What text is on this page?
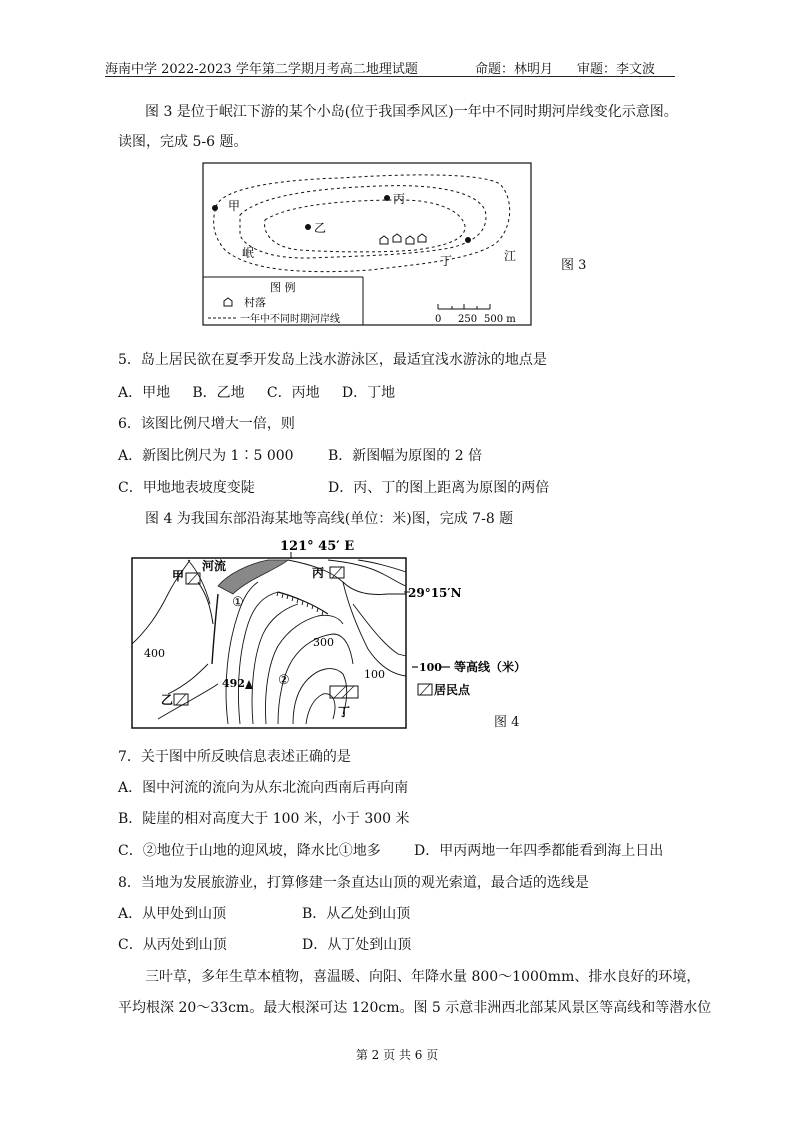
海南中学 2022-2023 学年第二学期月考高二地理试题	命题：林明月 审题：李文波
图 3 是位于岷江下游的某个小岛(位于我国季风区)一年中不同时期河岸线变化示意图。
读图，完成 5-6 题。
甲	丙
乙
丁
岷	江
图 例
村落
一年中不同时期河岸线	0 250 500 m
图 3
5．岛上居民欲在夏季开发岛上浅水游泳区，最适宜浅水游泳的地点是
A．甲地     B．乙地     C．丙地     D．丁地
6．该图比例尺增大一倍，则
A．新图比例尺为 1∶5 000 B．新图幅为原图的 2 倍
C．甲地地表坡度变陡	D．丙、丁的图上距离为原图的两倍
图 4 为我国东部沿海某地等高线(单位：米)图，完成 7-8 题
121° 45′ E
29°15′N
河流
甲	丙
①
②
400
300
100
492
乙
丁
100 等高线（米）
居民点
图 4
7．关于图中所反映信息表述正确的是
A．图中河流的流向为从东北流向西南后再向南
B．陡崖的相对高度大于 100 米，小于 300 米
C．②地位于山地的迎风坡，降水比①地多 D．甲丙两地一年四季都能看到海上日出
8．当地为发展旅游业，打算修建一条直达山顶的观光索道，最合适的选线是
A．从甲处到山顶	B．从乙处到山顶
C．从丙处到山顶	D．从丁处到山顶
三叶草，多年生草本植物，喜温暖、向阳、年降水量 800～1000mm、排水良好的环境，
平均根深 20～33cm。最大根深可达 120cm。图 5 示意非洲西北部某风景区等高线和等潜水位
第 2 页 共 6 页
